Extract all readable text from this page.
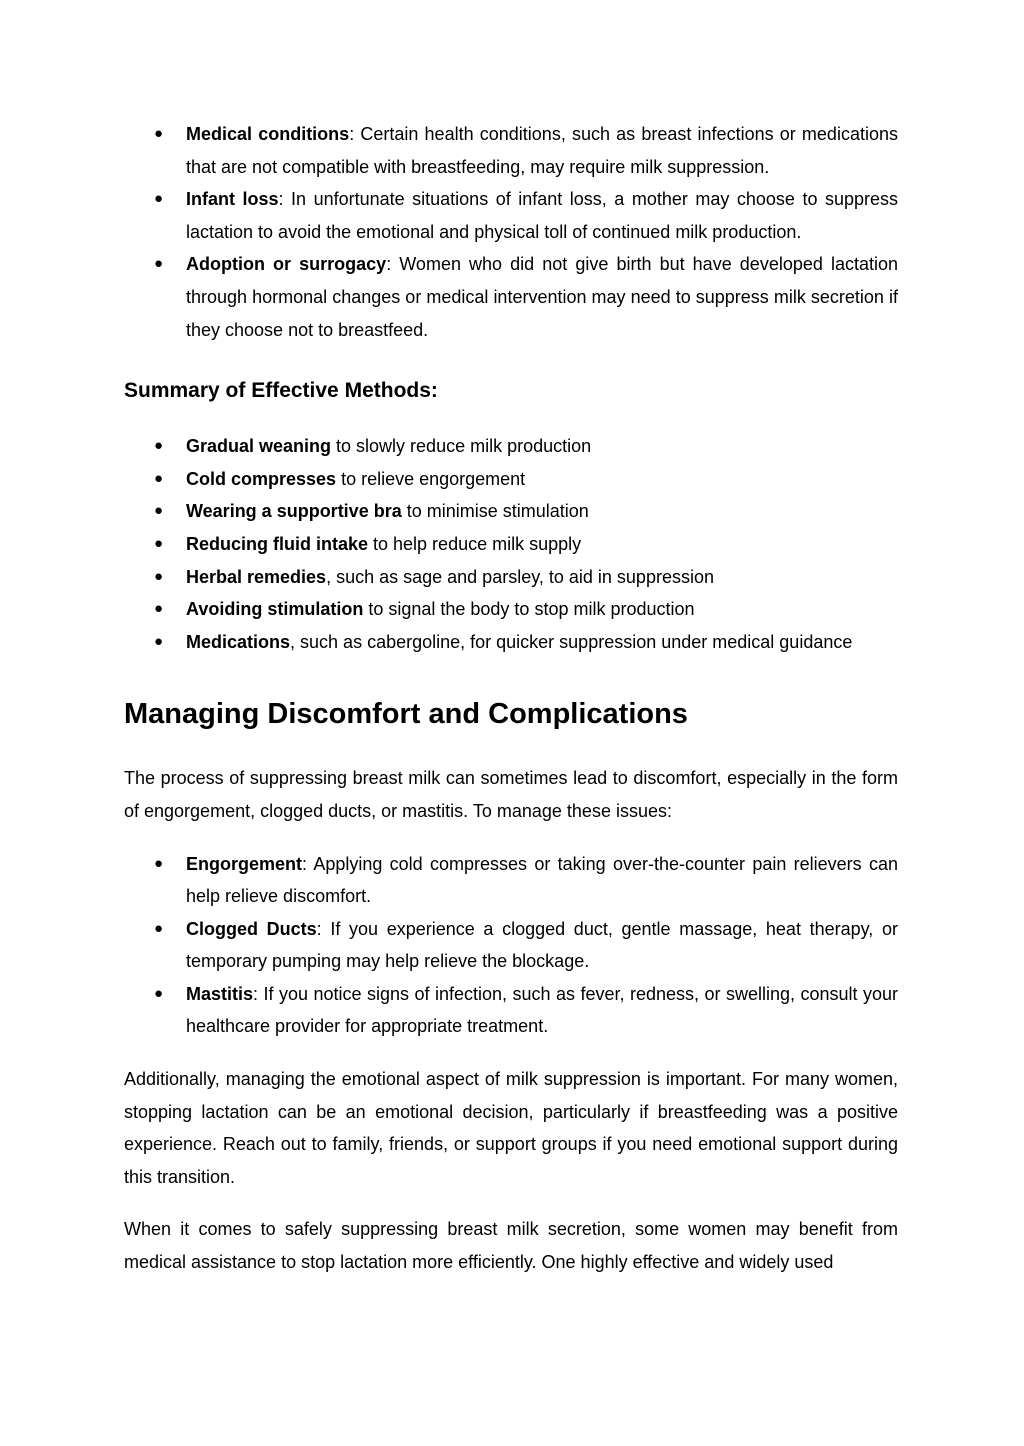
● Medical conditions: Certain health conditions, such as breast infections or medications that are not compatible with breastfeeding, may require milk suppression.
● Infant loss: In unfortunate situations of infant loss, a mother may choose to suppress lactation to avoid the emotional and physical toll of continued milk production.
● Adoption or surrogacy: Women who did not give birth but have developed lactation through hormonal changes or medical intervention may need to suppress milk secretion if they choose not to breastfeed.
Summary of Effective Methods:
● Gradual weaning to slowly reduce milk production
● Cold compresses to relieve engorgement
● Wearing a supportive bra to minimise stimulation
● Reducing fluid intake to help reduce milk supply
● Herbal remedies, such as sage and parsley, to aid in suppression
● Avoiding stimulation to signal the body to stop milk production
● Medications, such as cabergoline, for quicker suppression under medical guidance
Managing Discomfort and Complications

The process of suppressing breast milk can sometimes lead to discomfort, especially in the form of engorgement, clogged ducts, or mastitis. To manage these issues:

● Engorgement: Applying cold compresses or taking over-the-counter pain relievers can help relieve discomfort.
● Clogged Ducts: If you experience a clogged duct, gentle massage, heat therapy, or temporary pumping may help relieve the blockage.
● Mastitis: If you notice signs of infection, such as fever, redness, or swelling, consult your healthcare provider for appropriate treatment.

Additionally, managing the emotional aspect of milk suppression is important. For many women, stopping lactation can be an emotional decision, particularly if breastfeeding was a positive experience. Reach out to family, friends, or support groups if you need emotional support during this transition.

When it comes to safely suppressing breast milk secretion, some women may benefit from medical assistance to stop lactation more efficiently. One highly effective and widely used
